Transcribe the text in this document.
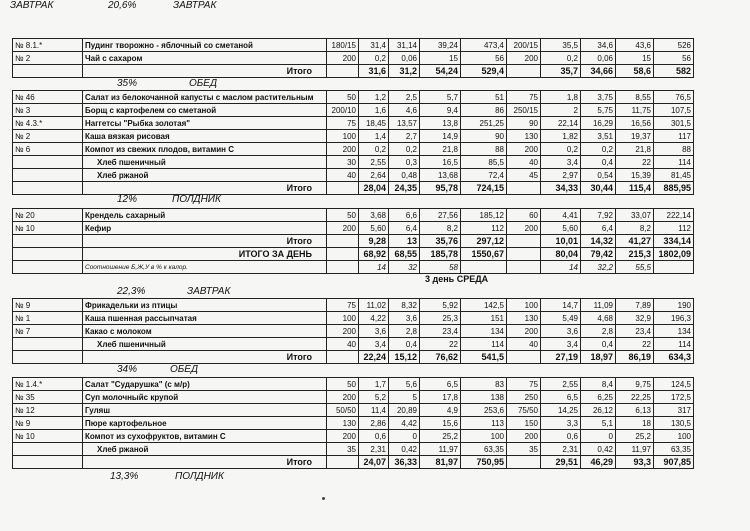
ЗАВТРАК	20,6%	ЗАВТРАК
№ 8.1.*	Пудинг творожно - яблочный со сметаной	180/15	31,4	31,14	39,24	473,4	200/15	35,5	34,6	43,6	526
№ 2	Чай с сахаром	200	0,2	0,06	15	56	200	0,2	0,06	15	56
	Итого		31,6	31,2	54,24	529,4		35,7	34,66	58,6	582
35%	ОБЕД
№ 46	Салат из белокочанной капусты с маслом растительным	50	1,2	2,5	5,7	51	75	1,8	3,75	8,55	76,5
№ 3	Борщ с картофелем со сметаной	200/10	1,6	4,6	9,4	86	250/15	2	5,75	11,75	107,5
№ 4.3.*	Наггетсы "Рыбка золотая"	75	18,45	13,57	13,8	251,25	90	22,14	16,29	16,56	301,5
№ 2	Каша вязкая рисовая	100	1,4	2,7	14,9	90	130	1,82	3,51	19,37	117
№ 6	Компот из свежих плодов, витамин С	200	0,2	0,2	21,8	88	200	0,2	0,2	21,8	88
	Хлеб пшеничный	30	2,55	0,3	16,5	85,5	40	3,4	0,4	22	114
	Хлеб ржаной	40	2,64	0,48	13,68	72,4	45	2,97	0,54	15,39	81,45
	Итого		28,04	24,35	95,78	724,15		34,33	30,44	115,4	885,95
12%	ПОЛДНИК
№ 20	Крендель сахарный	50	3,68	6,6	27,56	185,12	60	4,41	7,92	33,07	222,14
№ 10	Кефир	200	5,60	6,4	8,2	112	200	5,60	6,4	8,2	112
	Итого		9,28	13	35,76	297,12		10,01	14,32	41,27	334,14
	ИТОГО ЗА ДЕНЬ		68,92	68,55	185,78	1550,67		80,04	79,42	215,3	1802,09
	Соотношение Б,Ж,У в % к калор.		14	32	58			14	32,2	55,5	
3 день СРЕДА
22,3%	ЗАВТРАК
№ 9	Фрикадельки из птицы	75	11,02	8,32	5,92	142,5	100	14,7	11,09	7,89	190
№ 1	Каша пшенная рассыпчатая	100	4,22	3,6	25,3	151	130	5,49	4,68	32,9	196,3
№ 7	Какао с молоком	200	3,6	2,8	23,4	134	200	3,6	2,8	23,4	134
	Хлеб пшеничный	40	3,4	0,4	22	114	40	3,4	0,4	22	114
	Итого		22,24	15,12	76,62	541,5		27,19	18,97	86,19	634,3
34%	ОБЕД
№ 1.4.*	Салат "Сударушка" (с м/р)	50	1,7	5,6	6,5	83	75	2,55	8,4	9,75	124,5
№ 35	Суп молочныйс крупой	200	5,2	5	17,8	138	250	6,5	6,25	22,25	172,5
№ 12	Гуляш	50/50	11,4	20,89	4,9	253,6	75/50	14,25	26,12	6,13	317
№ 9	Пюре картофельное	130	2,86	4,42	15,6	113	150	3,3	5,1	18	130,5
№ 10	Компот из сухофруктов, витамин С	200	0,6	0	25,2	100	200	0,6	0	25,2	100
	Хлеб ржаной	35	2,31	0,42	11,97	63,35	35	2,31	0,42	11,97	63,35
	Итого		24,07	36,33	81,97	750,95		29,51	46,29	93,3	907,85
13,3%	ПОЛДНИК
